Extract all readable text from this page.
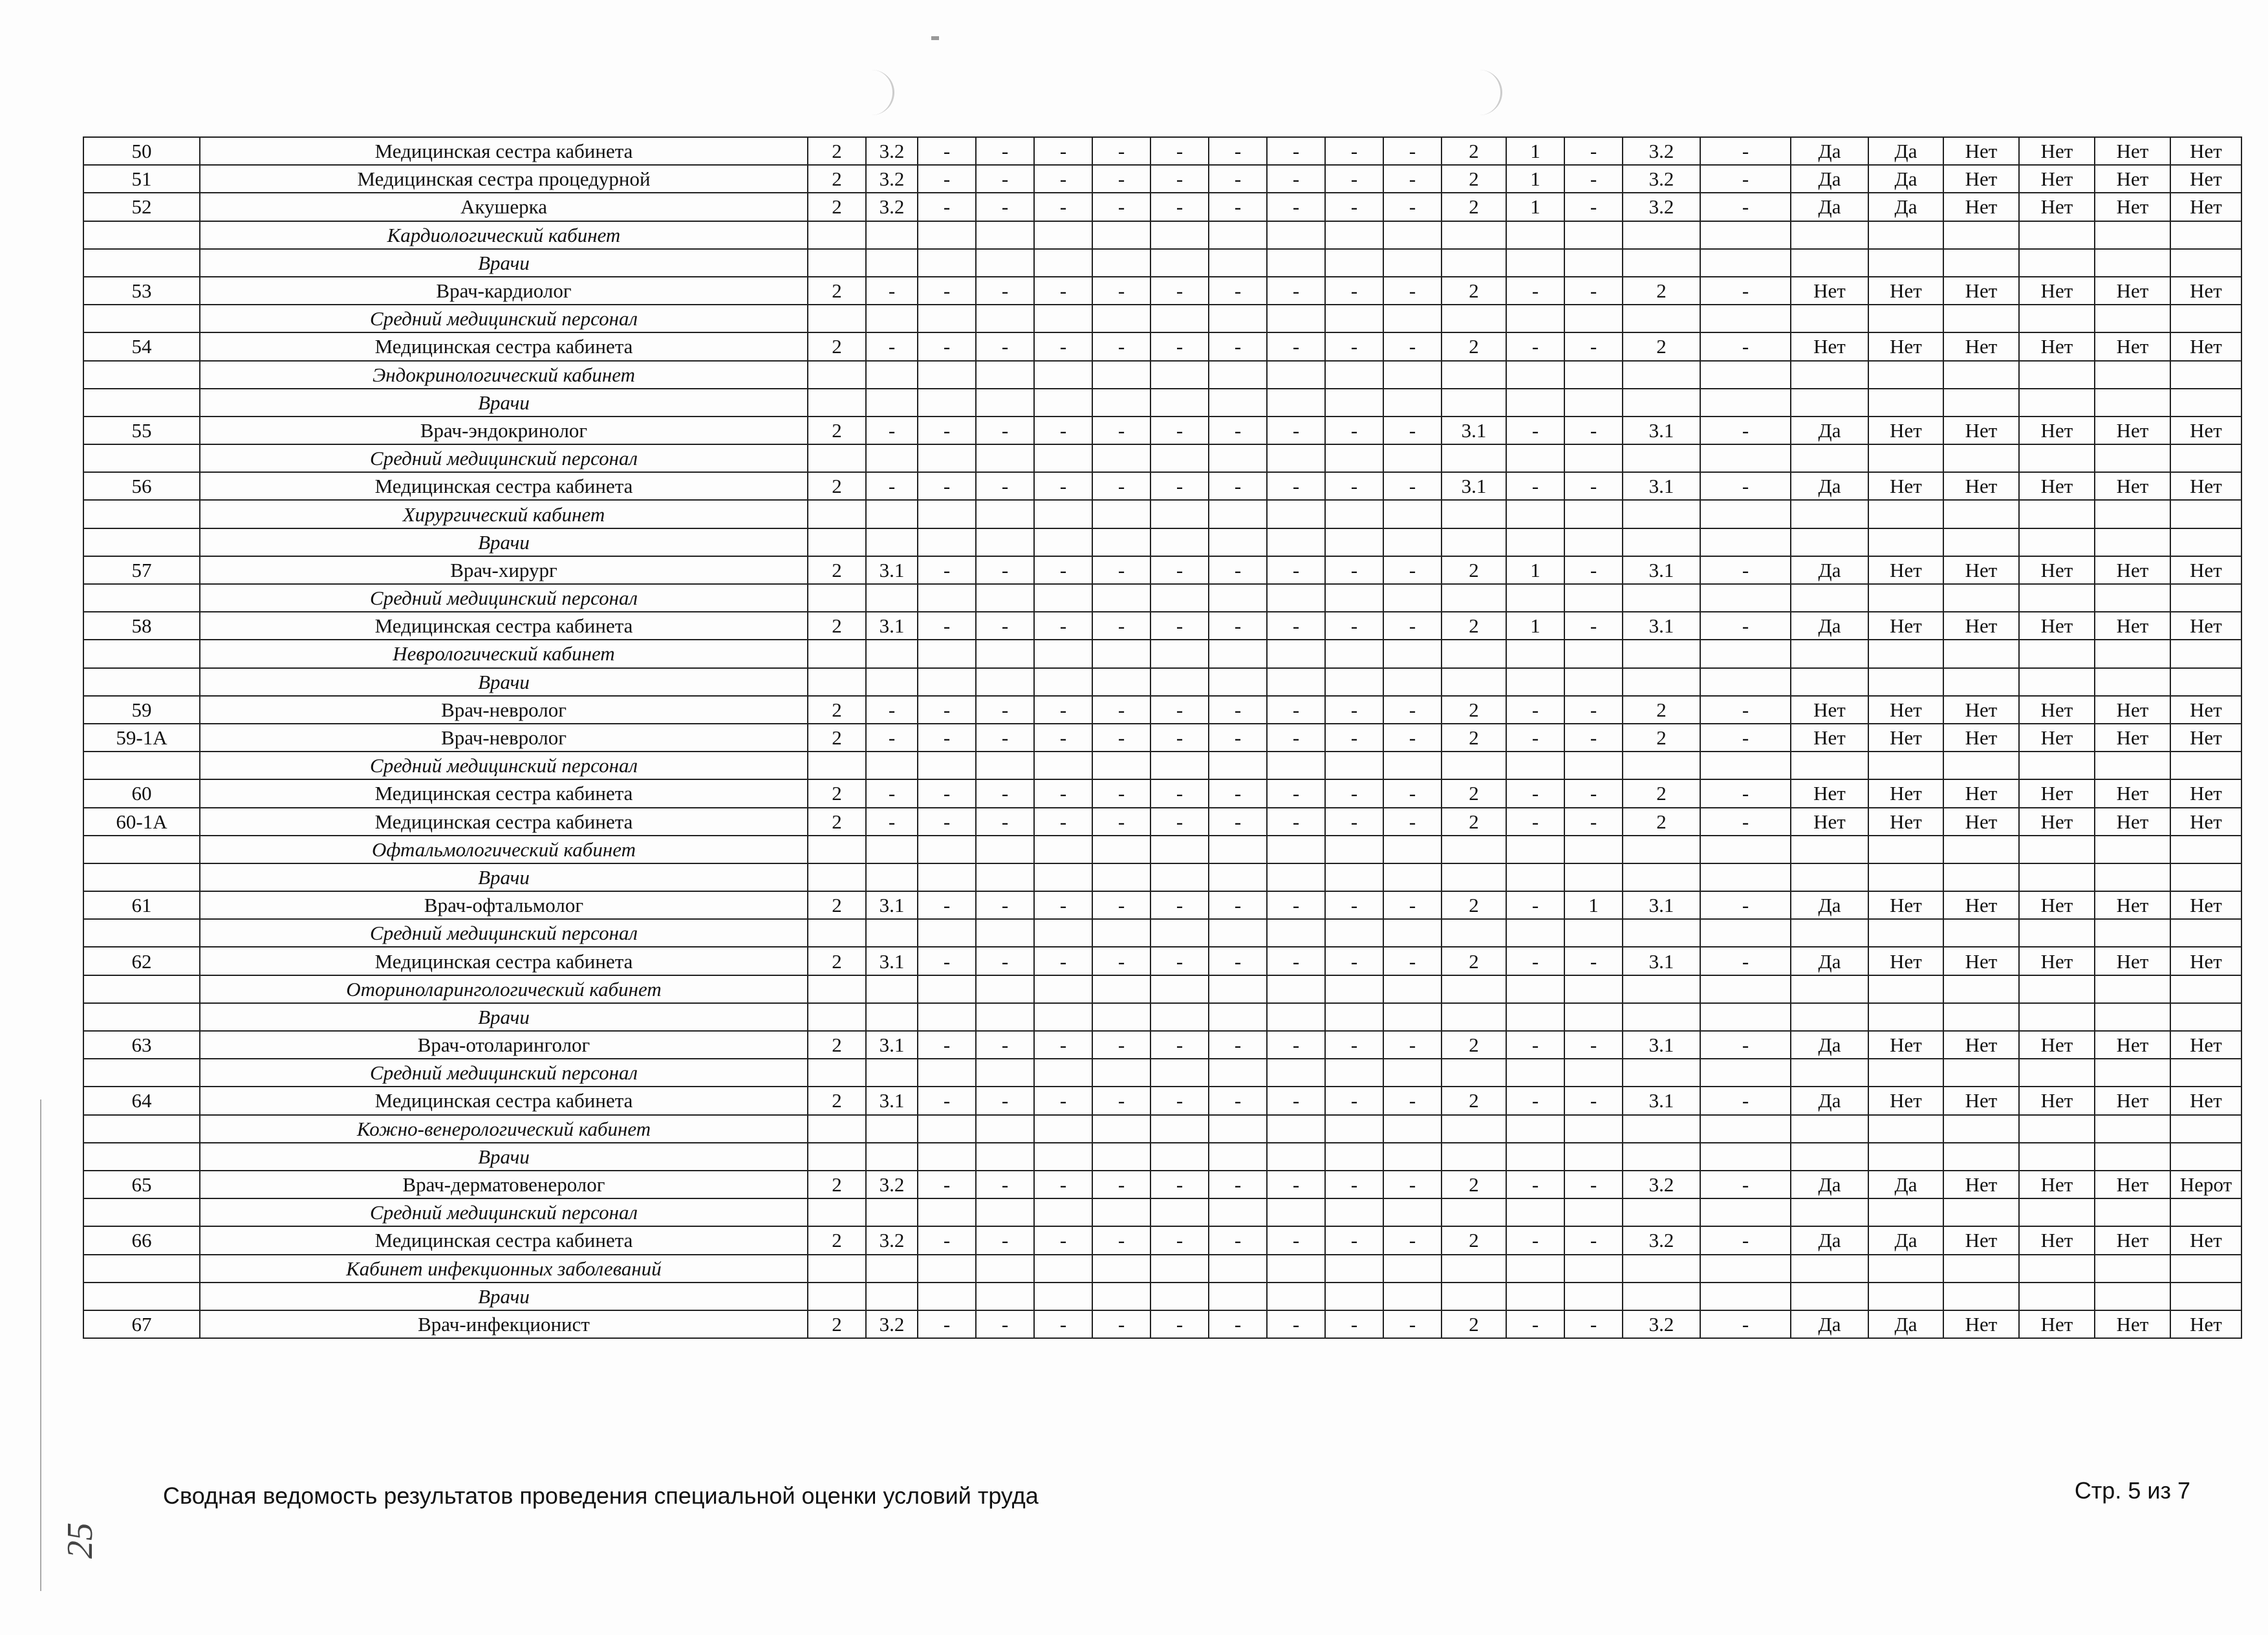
50	Медицинская сестра кабинета	2	3.2	-	-	-	-	-	-	-	-	-	2	1	-	3.2	-	Да	Да	Нет	Нет	Нет	Нет
51	Медицинская сестра процедурной	2	3.2	-	-	-	-	-	-	-	-	-	2	1	-	3.2	-	Да	Да	Нет	Нет	Нет	Нет
52	Акушерка	2	3.2	-	-	-	-	-	-	-	-	-	2	1	-	3.2	-	Да	Да	Нет	Нет	Нет	Нет
	Кардиологический кабинет																						
	Врачи																						
53	Врач-кардиолог	2	-	-	-	-	-	-	-	-	-	-	2	-	-	2	-	Нет	Нет	Нет	Нет	Нет	Нет
	Средний медицинский персонал																						
54	Медицинская сестра кабинета	2	-	-	-	-	-	-	-	-	-	-	2	-	-	2	-	Нет	Нет	Нет	Нет	Нет	Нет
	Эндокринологический кабинет																						
	Врачи																						
55	Врач-эндокринолог	2	-	-	-	-	-	-	-	-	-	-	3.1	-	-	3.1	-	Да	Нет	Нет	Нет	Нет	Нет
	Средний медицинский персонал																						
56	Медицинская сестра кабинета	2	-	-	-	-	-	-	-	-	-	-	3.1	-	-	3.1	-	Да	Нет	Нет	Нет	Нет	Нет
	Хирургический кабинет																						
	Врачи																						
57	Врач-хирург	2	3.1	-	-	-	-	-	-	-	-	-	2	1	-	3.1	-	Да	Нет	Нет	Нет	Нет	Нет
	Средний медицинский персонал																						
58	Медицинская сестра кабинета	2	3.1	-	-	-	-	-	-	-	-	-	2	1	-	3.1	-	Да	Нет	Нет	Нет	Нет	Нет
	Неврологический кабинет																						
	Врачи																						
59	Врач-невролог	2	-	-	-	-	-	-	-	-	-	-	2	-	-	2	-	Нет	Нет	Нет	Нет	Нет	Нет
59-1А	Врач-невролог	2	-	-	-	-	-	-	-	-	-	-	2	-	-	2	-	Нет	Нет	Нет	Нет	Нет	Нет
	Средний медицинский персонал																						
60	Медицинская сестра кабинета	2	-	-	-	-	-	-	-	-	-	-	2	-	-	2	-	Нет	Нет	Нет	Нет	Нет	Нет
60-1А	Медицинская сестра кабинета	2	-	-	-	-	-	-	-	-	-	-	2	-	-	2	-	Нет	Нет	Нет	Нет	Нет	Нет
	Офтальмологический кабинет																						
	Врачи																						
61	Врач-офтальмолог	2	3.1	-	-	-	-	-	-	-	-	-	2	-	1	3.1	-	Да	Нет	Нет	Нет	Нет	Нет
	Средний медицинский персонал																						
62	Медицинская сестра кабинета	2	3.1	-	-	-	-	-	-	-	-	-	2	-	-	3.1	-	Да	Нет	Нет	Нет	Нет	Нет
	Оториноларингологический кабинет																						
	Врачи																						
63	Врач-отоларинголог	2	3.1	-	-	-	-	-	-	-	-	-	2	-	-	3.1	-	Да	Нет	Нет	Нет	Нет	Нет
	Средний медицинский персонал																						
64	Медицинская сестра кабинета	2	3.1	-	-	-	-	-	-	-	-	-	2	-	-	3.1	-	Да	Нет	Нет	Нет	Нет	Нет
	Кожно-венерологический кабинет																						
	Врачи																						
65	Врач-дерматовенеролог	2	3.2	-	-	-	-	-	-	-	-	-	2	-	-	3.2	-	Да	Да	Нет	Нет	Нет	Нерот
	Средний медицинский персонал																						
66	Медицинская сестра кабинета	2	3.2	-	-	-	-	-	-	-	-	-	2	-	-	3.2	-	Да	Да	Нет	Нет	Нет	Нет
	Кабинет инфекционных заболеваний																						
	Врачи																						
67	Врач-инфекционист	2	3.2	-	-	-	-	-	-	-	-	-	2	-	-	3.2	-	Да	Да	Нет	Нет	Нет	Нет
Сводная ведомость результатов проведения специальной оценки условий труда	Стр. 5 из 7
25
